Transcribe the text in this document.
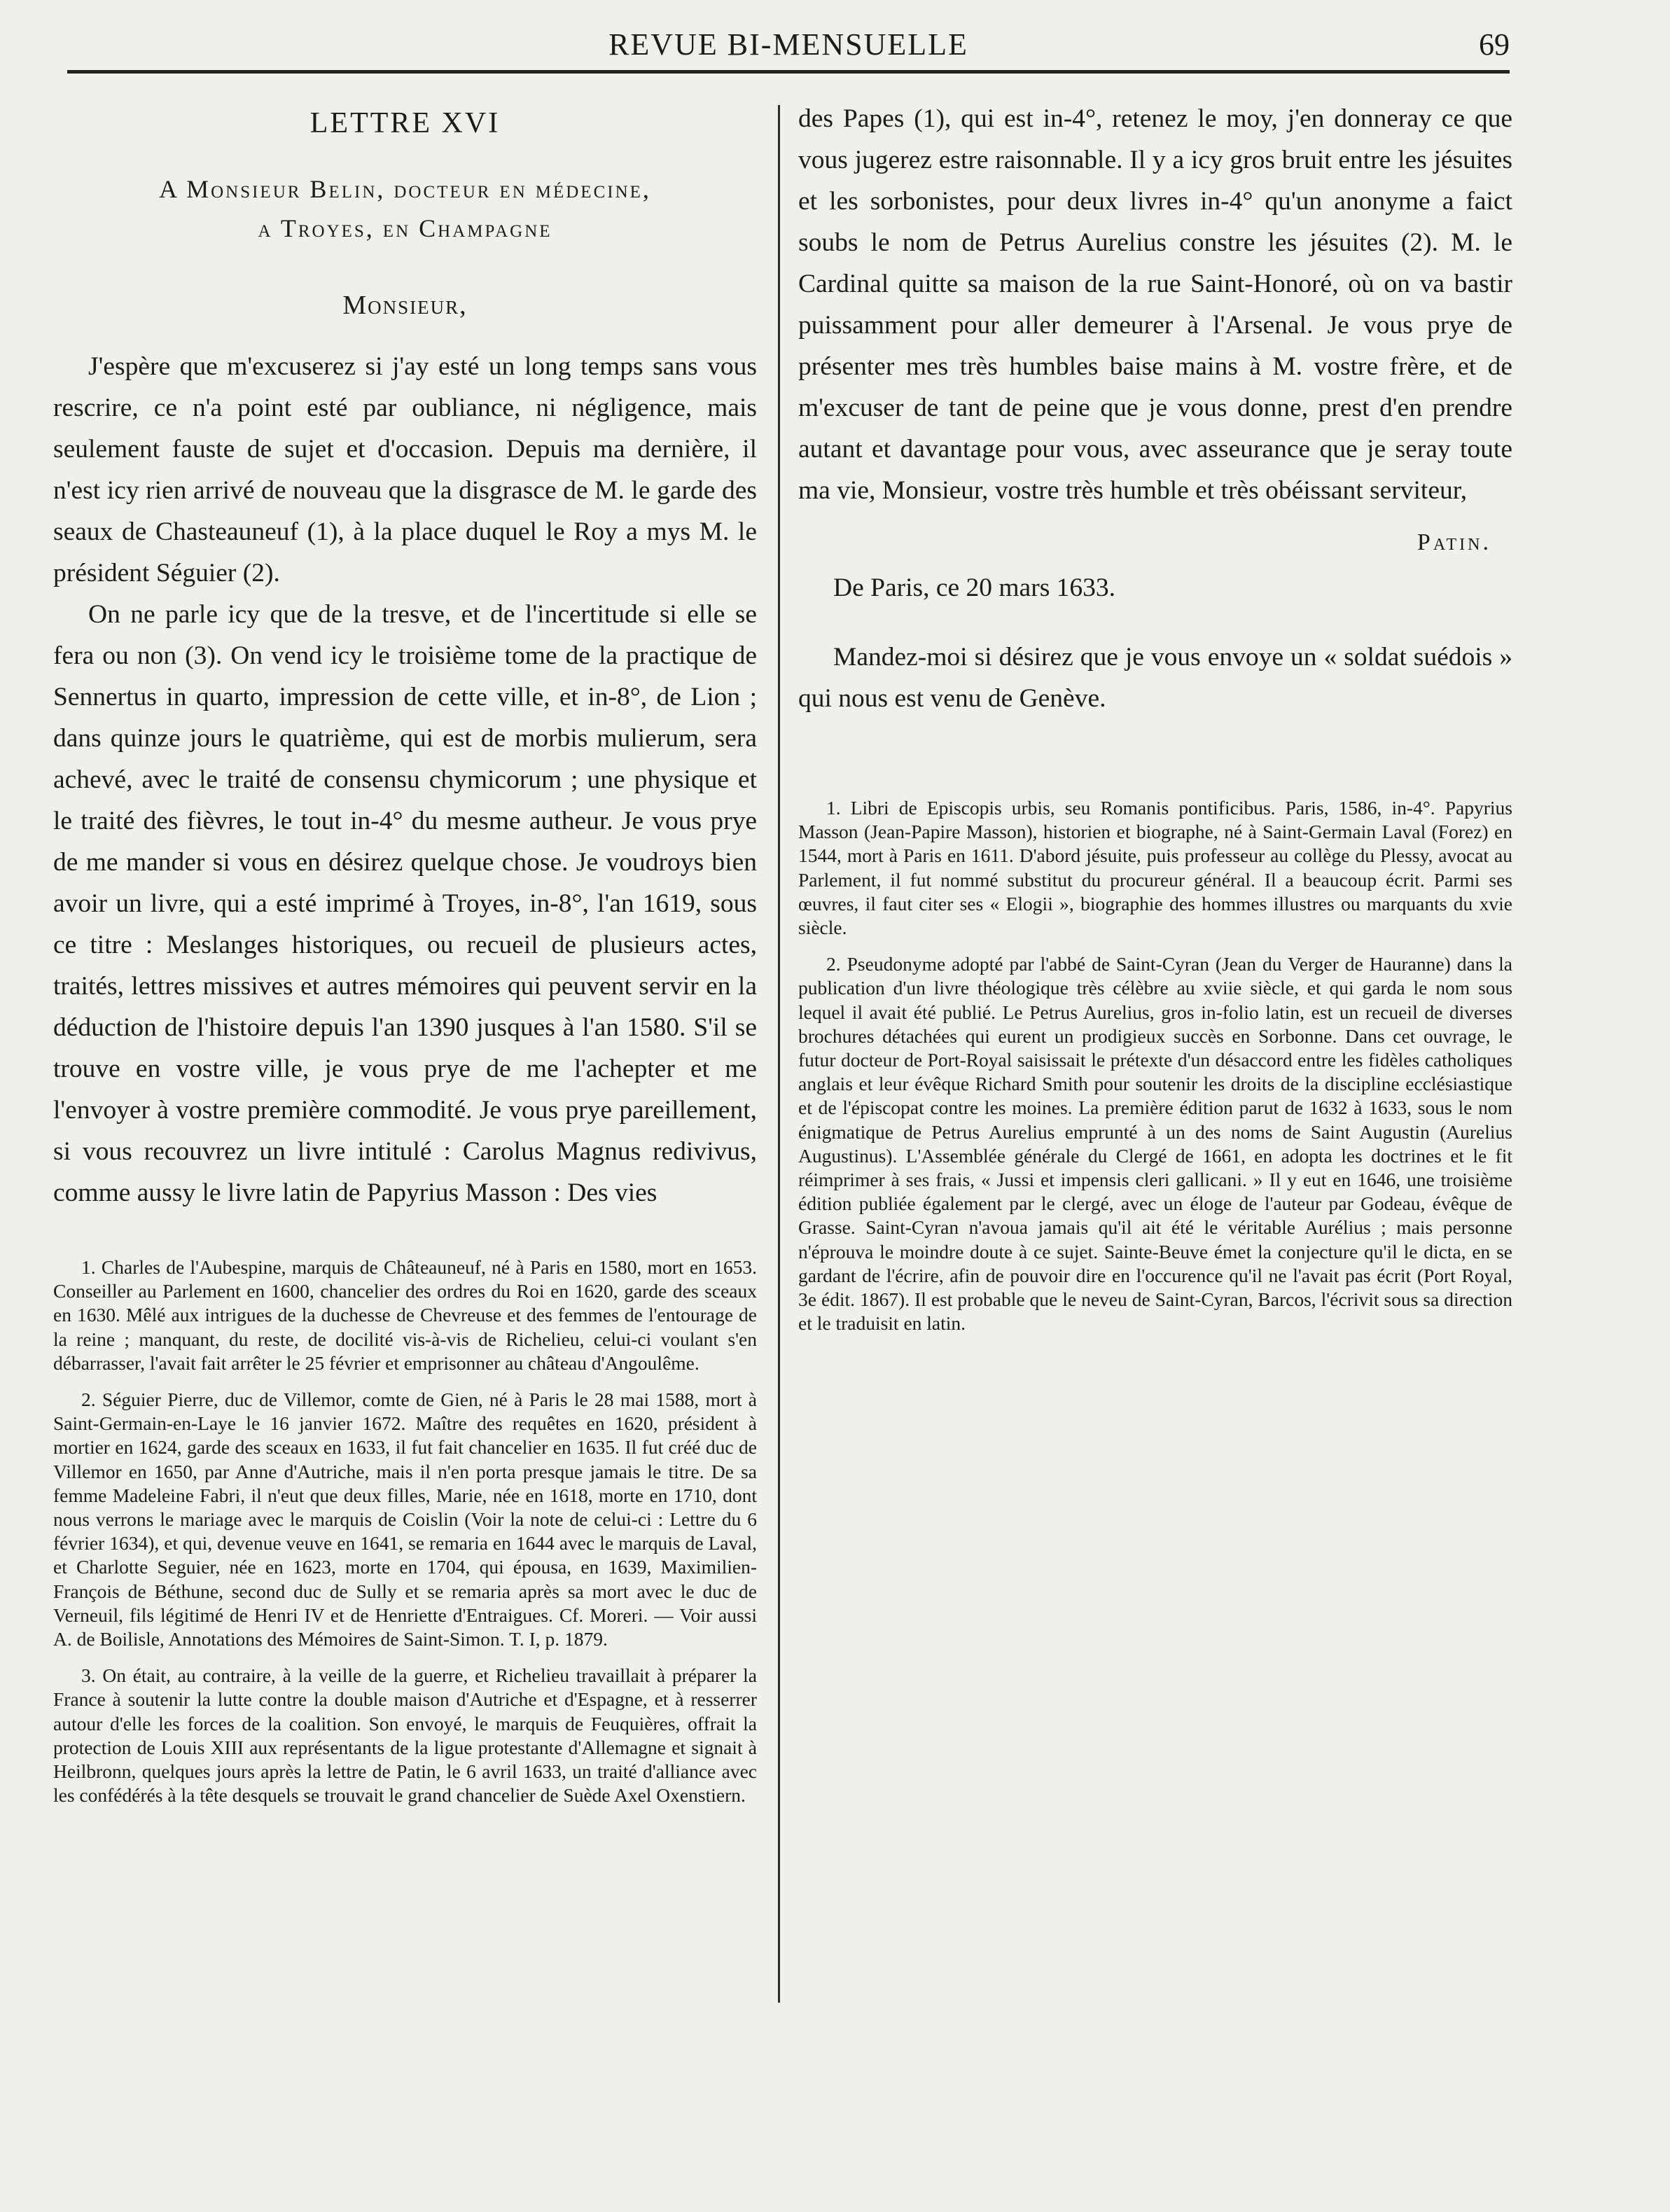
REVUE BI-MENSUELLE	69
LETTRE XVI
A Monsieur Belin, docteur en médecine,
a Troyes, en Champagne
Monsieur,

J'espère que m'excuserez si j'ay esté un long temps sans vous rescrire, ce n'a point esté par oubliance, ni négligence, mais seulement fauste de sujet et d'occasion. Depuis ma dernière, il n'est icy rien arrivé de nouveau que la disgrasce de M. le garde des seaux de Chasteauneuf (1), à la place duquel le Roy a mys M. le président Séguier (2).

On ne parle icy que de la tresve, et de l'incertitude si elle se fera ou non (3). On vend icy le troisième tome de la practique de Sennertus in quarto, impression de cette ville, et in-8°, de Lion ; dans quinze jours le quatrième, qui est de morbis mulierum, sera achevé, avec le traité de consensu chymicorum ; une physique et le traité des fièvres, le tout in-4° du mesme autheur. Je vous prye de me mander si vous en désirez quelque chose. Je voudroys bien avoir un livre, qui a esté imprimé à Troyes, in-8°, l'an 1619, sous ce titre : Meslanges historiques, ou recueil de plusieurs actes, traités, lettres missives et autres mémoires qui peuvent servir en la déduction de l'histoire depuis l'an 1390 jusques à l'an 1580. S'il se trouve en vostre ville, je vous prye de me l'achepter et me l'envoyer à vostre première commodité. Je vous prye pareillement, si vous recouvrez un livre intitulé : Carolus Magnus redivivus, comme aussy le livre latin de Papyrius Masson : Des vies

1. Charles de l'Aubespine, marquis de Châteauneuf, né à Paris en 1580, mort en 1653. Conseiller au Parlement en 1600, chancelier des ordres du Roi en 1620, garde des sceaux en 1630. Mêlé aux intrigues de la duchesse de Chevreuse et des femmes de l'entourage de la reine ; manquant, du reste, de docilité vis-à-vis de Richelieu, celui-ci voulant s'en débarrasser, l'avait fait arrêter le 25 février et emprisonner au château d'Angoulême.

2. Séguier Pierre, duc de Villemor, comte de Gien, né à Paris le 28 mai 1588, mort à Saint-Germain-en-Laye le 16 janvier 1672. Maître des requêtes en 1620, président à mortier en 1624, garde des sceaux en 1633, il fut fait chancelier en 1635. Il fut créé duc de Villemor en 1650, par Anne d'Autriche, mais il n'en porta presque jamais le titre. De sa femme Madeleine Fabri, il n'eut que deux filles, Marie, née en 1618, morte en 1710, dont nous verrons le mariage avec le marquis de Coislin (Voir la note de celui-ci : Lettre du 6 février 1634), et qui, devenue veuve en 1641, se remaria en 1644 avec le marquis de Laval, et Charlotte Seguier, née en 1623, morte en 1704, qui épousa, en 1639, Maximilien-François de Béthune, second duc de Sully et se remaria après sa mort avec le duc de Verneuil, fils légitimé de Henri IV et de Henriette d'Entraigues. Cf. Moreri. — Voir aussi A. de Boilisle, Annotations des Mémoires de Saint-Simon. T. I, p. 1879.

3. On était, au contraire, à la veille de la guerre, et Richelieu travaillait à préparer la France à soutenir la lutte contre la double maison d'Autriche et d'Espagne, et à resserrer autour d'elle les forces de la coalition. Son envoyé, le marquis de Feuquières, offrait la protection de Louis XIII aux représentants de la ligue protestante d'Allemagne et signait à Heilbronn, quelques jours après la lettre de Patin, le 6 avril 1633, un traité d'alliance avec les confédérés à la tête desquels se trouvait le grand chancelier de Suède Axel Oxenstiern.

des Papes (1), qui est in-4°, retenez le moy, j'en donneray ce que vous jugerez estre raisonnable. Il y a icy gros bruit entre les jésuites et les sorbonistes, pour deux livres in-4° qu'un anonyme a faict soubs le nom de Petrus Aurelius constre les jésuites (2). M. le Cardinal quitte sa maison de la rue Saint-Honoré, où on va bastir puissamment pour aller demeurer à l'Arsenal. Je vous prye de présenter mes très humbles baise mains à M. vostre frère, et de m'excuser de tant de peine que je vous donne, prest d'en prendre autant et davantage pour vous, avec asseurance que je seray toute ma vie, Monsieur, vostre très humble et très obéissant serviteur,

Patin.
De Paris, ce 20 mars 1633.

Mandez-moi si désirez que je vous envoye un « soldat suédois » qui nous est venu de Genève.

1. Libri de Episcopis urbis, seu Romanis pontificibus. Paris, 1586, in-4°. Papyrius Masson (Jean-Papire Masson), historien et biographe, né à Saint-Germain Laval (Forez) en 1544, mort à Paris en 1611. D'abord jésuite, puis professeur au collège du Plessy, avocat au Parlement, il fut nommé substitut du procureur général. Il a beaucoup écrit. Parmi ses œuvres, il faut citer ses « Elogii », biographie des hommes illustres ou marquants du xvie siècle.

2. Pseudonyme adopté par l'abbé de Saint-Cyran (Jean du Verger de Hauranne) dans la publication d'un livre théologique très célèbre au xviie siècle, et qui garda le nom sous lequel il avait été publié. Le Petrus Aurelius, gros in-folio latin, est un recueil de diverses brochures détachées qui eurent un prodigieux succès en Sorbonne. Dans cet ouvrage, le futur docteur de Port-Royal saisissait le prétexte d'un désaccord entre les fidèles catholiques anglais et leur évêque Richard Smith pour soutenir les droits de la discipline ecclésiastique et de l'épiscopat contre les moines. La première édition parut de 1632 à 1633, sous le nom énigmatique de Petrus Aurelius emprunté à un des noms de Saint Augustin (Aurelius Augustinus). L'Assemblée générale du Clergé de 1661, en adopta les doctrines et le fit réimprimer à ses frais, « Jussi et impensis cleri gallicani. » Il y eut en 1646, une troisième édition publiée également par le clergé, avec un éloge de l'auteur par Godeau, évêque de Grasse. Saint-Cyran n'avoua jamais qu'il ait été le véritable Aurélius ; mais personne n'éprouva le moindre doute à ce sujet. Sainte-Beuve émet la conjecture qu'il le dicta, en se gardant de l'écrire, afin de pouvoir dire en l'occurence qu'il ne l'avait pas écrit (Port Royal, 3e édit. 1867). Il est probable que le neveu de Saint-Cyran, Barcos, l'écrivit sous sa direction et le traduisit en latin.
